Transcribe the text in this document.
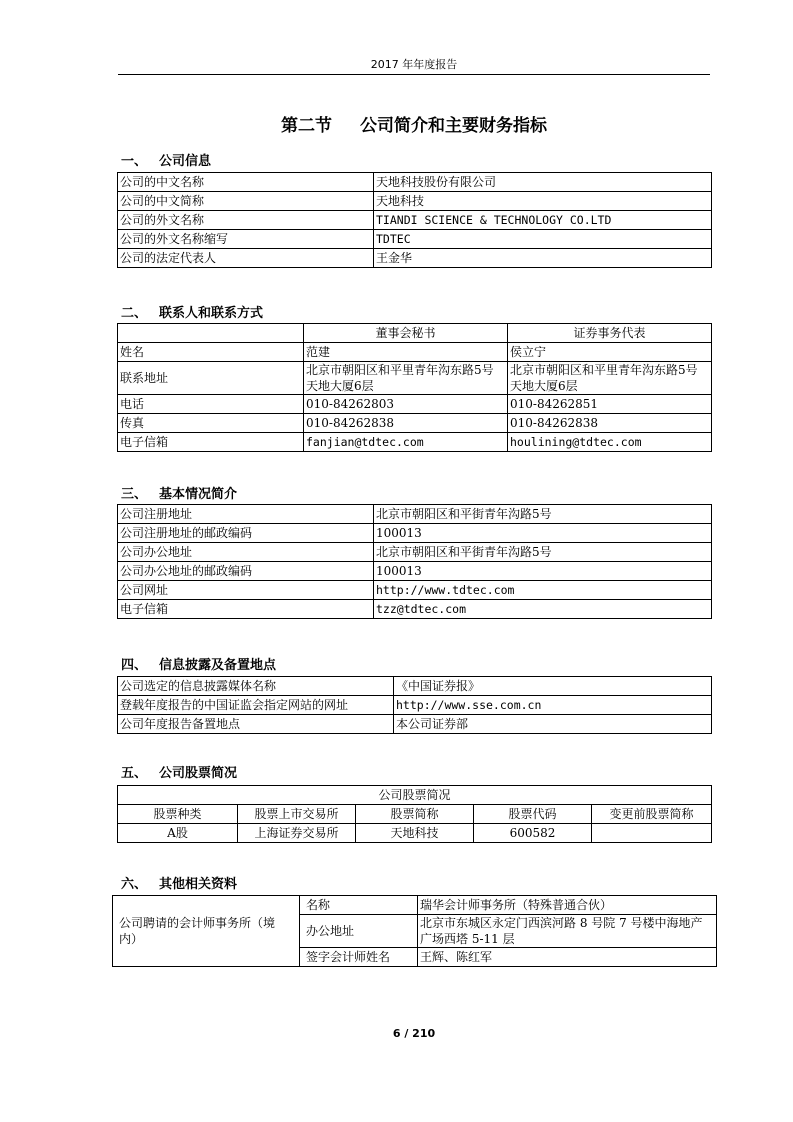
2017 年年度报告
第二节 公司简介和主要财务指标
一、 公司信息
公司的中文名称	天地科技股份有限公司
公司的中文简称	天地科技
公司的外文名称	TIANDI SCIENCE & TECHNOLOGY CO.LTD
公司的外文名称缩写	TDTEC
公司的法定代表人	王金华
二、 联系人和联系方式
	董事会秘书	证券事务代表
姓名	范建	侯立宁
联系地址	北京市朝阳区和平里青年沟东路5号天地大厦6层	北京市朝阳区和平里青年沟东路5号天地大厦6层
电话	010-84262803	010-84262851
传真	010-84262838	010-84262838
电子信箱	fanjian@tdtec.com	houlining@tdtec.com
三、 基本情况简介
公司注册地址	北京市朝阳区和平街青年沟路5号
公司注册地址的邮政编码	100013
公司办公地址	北京市朝阳区和平街青年沟路5号
公司办公地址的邮政编码	100013
公司网址	http://www.tdtec.com
电子信箱	tzz@tdtec.com
四、 信息披露及备置地点
公司选定的信息披露媒体名称	《中国证券报》
登载年度报告的中国证监会指定网站的网址	http://www.sse.com.cn
公司年度报告备置地点	本公司证券部
五、 公司股票简况
公司股票简况				
股票种类	股票上市交易所	股票简称	股票代码	变更前股票简称
A股	上海证券交易所	天地科技	600582	
六、 其他相关资料
公司聘请的会计师事务所（境内）	名称	瑞华会计师事务所（特殊普通合伙）
	办公地址	北京市东城区永定门西滨河路 8 号院 7 号楼中海地产广场西塔 5-11 层
	签字会计师姓名	王辉、陈红军
6 / 210
